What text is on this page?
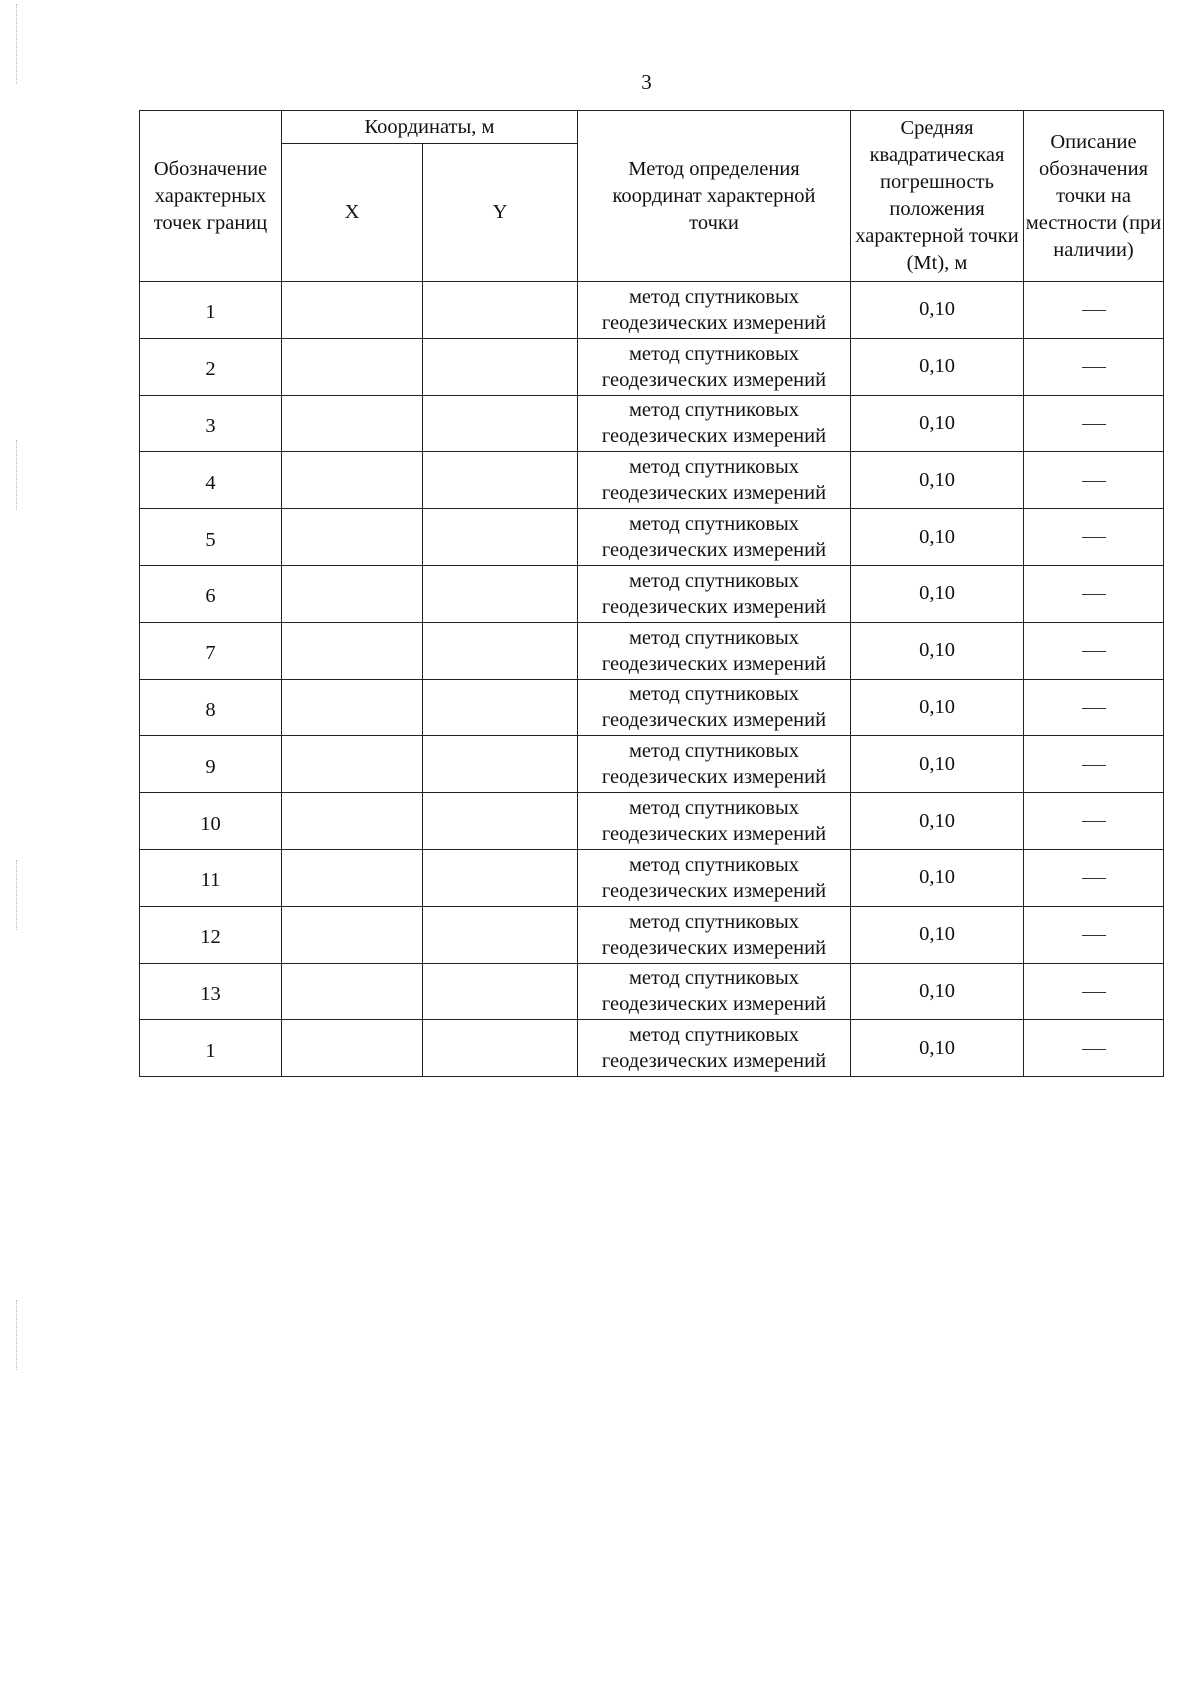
3
Обозначение характерных точек границ	Координаты, м		Метод определения координат характерной точки	Средняя квадратическая погрешность положения характерной точки (Mt), м	Описание обозначения точки на местности (при наличии)
	X	Y			
1			метод спутниковых геодезических измерений	0,10	
2			метод спутниковых геодезических измерений	0,10	
3			метод спутниковых геодезических измерений	0,10	
4			метод спутниковых геодезических измерений	0,10	
5			метод спутниковых геодезических измерений	0,10	
6			метод спутниковых геодезических измерений	0,10	
7			метод спутниковых геодезических измерений	0,10	
8			метод спутниковых геодезических измерений	0,10	
9			метод спутниковых геодезических измерений	0,10	
10			метод спутниковых геодезических измерений	0,10	
11			метод спутниковых геодезических измерений	0,10	
12			метод спутниковых геодезических измерений	0,10	
13			метод спутниковых геодезических измерений	0,10	
1			метод спутниковых геодезических измерений	0,10	
